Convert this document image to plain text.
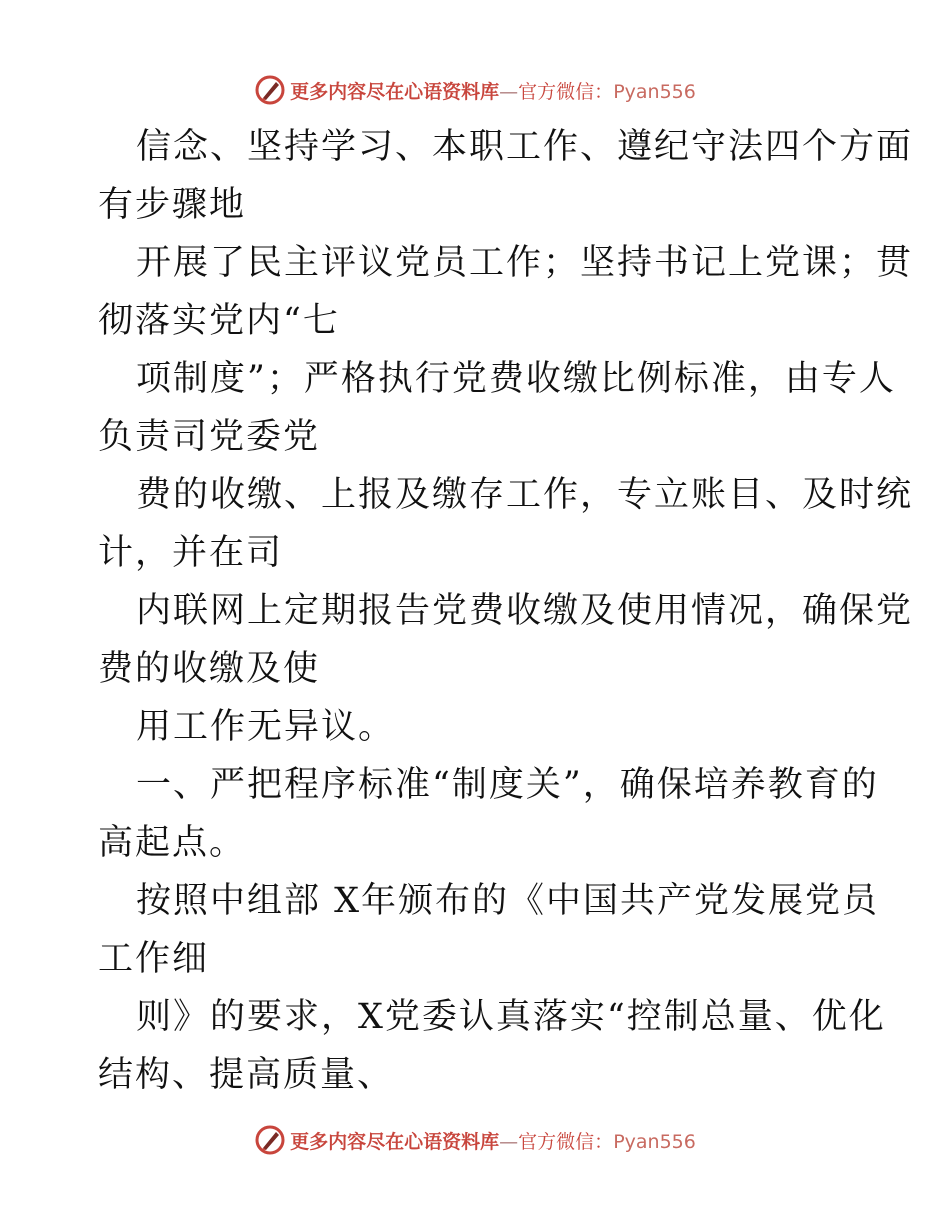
更多内容尽在心语资料库—官方微信：Pyan556
信念、坚持学习、本职工作、遵纪守法四个方面
有步骤地
开展了民主评议党员工作；坚持书记上党课；贯
彻落实党内“七
项制度”；严格执行党费收缴比例标准，由专人
负责司党委党
费的收缴、上报及缴存工作，专立账目、及时统
计，并在司
内联网上定期报告党费收缴及使用情况，确保党
费的收缴及使
用工作无异议。
一、严把程序标准“制度关”，确保培养教育的
高起点。
按照中组部 X年颁布的《中国共产党发展党员
工作细
则》的要求，X党委认真落实“控制总量、优化
结构、提高质量、
更多内容尽在心语资料库—官方微信：Pyan556
